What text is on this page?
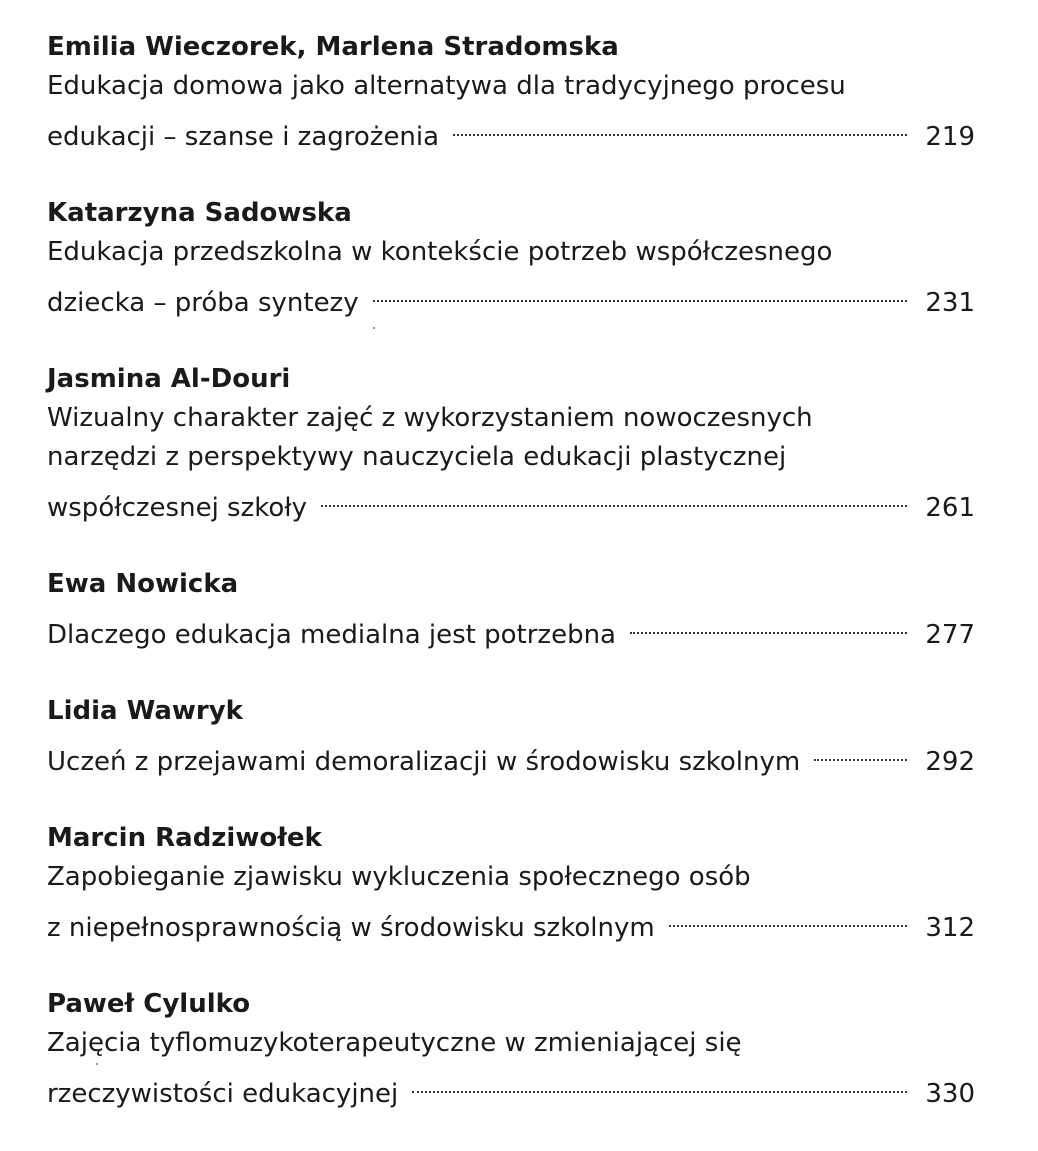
Emilia Wieczorek, Marlena Stradomska
Edukacja domowa jako alternatywa dla tradycyjnego procesu
edukacji – szanse i zagrożenia	219
Katarzyna Sadowska
Edukacja przedszkolna w kontekście potrzeb współczesnego
dziecka – próba syntezy	231
Jasmina Al-Douri
Wizualny charakter zajęć z wykorzystaniem nowoczesnych
narzędzi z perspektywy nauczyciela edukacji plastycznej
współczesnej szkoły	261
Ewa Nowicka
Dlaczego edukacja medialna jest potrzebna	277
Lidia Wawryk
Uczeń z przejawami demoralizacji w środowisku szkolnym	292
Marcin Radziwołek
Zapobieganie zjawisku wykluczenia społecznego osób
z niepełnosprawnością w środowisku szkolnym	312
Paweł Cylulko
Zajęcia tyflomuzykoterapeutyczne w zmieniającej się
rzeczywistości edukacyjnej	330
